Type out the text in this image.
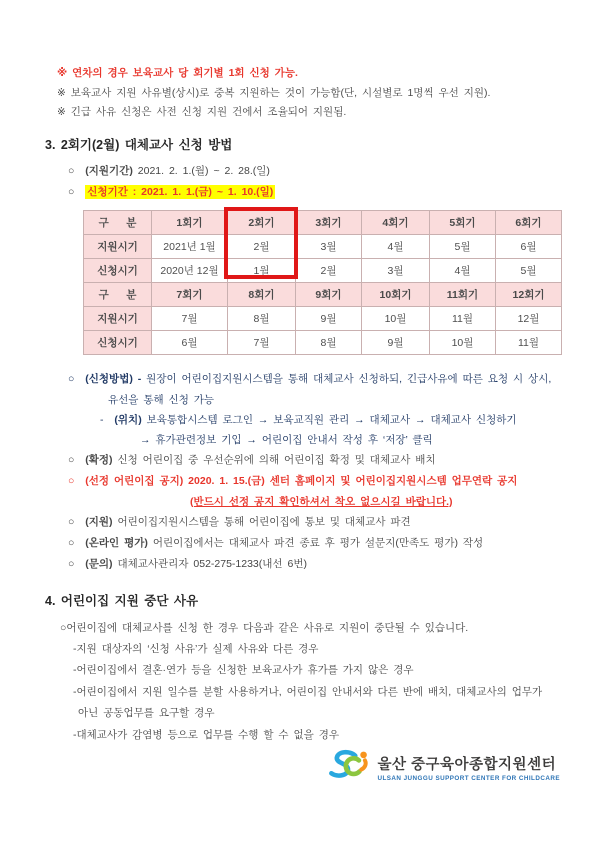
※ 연차의 경우 보육교사 당 회기별 1회 신청 가능.
※ 보육교사 지원 사유별(상시)로 중복 지원하는 것이 가능함(단, 시설별로 1명씩 우선 지원).
※ 긴급 사유 신청은 사전 신청 지원 건에서 조율되어 지원됨.
3. 2회기(2월) 대체교사 신청 방법
○ (지원기간) 2021. 2. 1.(월) ~ 2. 28.(일)
○ 신청기간 : 2021. 1. 1.(금) ~ 1. 10.(일)
구      분	1회기	2회기	3회기	4회기	5회기	6회기
지원시기	2021년 1월	2월	3월	4월	5월	6월
신청시기	2020년 12월	1월	2월	3월	4월	5월
구      분	7회기	8회기	9회기	10회기	11회기	12회기
지원시기	7월	8월	9월	10월	11월	12월
신청시기	6월	7월	8월	9월	10월	11월
○ (신청방법) - 원장이 어린이집지원시스템을 통해 대체교사 신청하되, 긴급사유에 따른 요청 시 상시,
유선을 통해 신청 가능
- (위치) 보육통합시스템 로그인 → 보육교직원 관리 → 대체교사 → 대체교사 신청하기
→ 휴가관련정보 기입 → 어린이집 안내서 작성 후 ‘저장’ 클릭
○ (확정) 신청 어린이집 중 우선순위에 의해 어린이집 확정 및 대체교사 배치
○ (선정 어린이집 공지) 2020. 1. 15.(금) 센터 홈페이지 및 어린이집지원시스템 업무연락 공지
(반드시 선정 공지 확인하셔서 착오 없으시길 바랍니다.)
○ (지원) 어린이집지원시스템을 통해 어린이집에 통보 및 대체교사 파견
○ (온라인 평가) 어린이집에서는 대체교사 파견 종료 후 평가 설문지(만족도 평가) 작성
○ (문의) 대체교사관리자 052-275-1233(내선 6번)
4. 어린이집 지원 중단 사유
○어린이집에 대체교사를 신청 한 경우 다음과 같은 사유로 지원이 중단될 수 있습니다.
-지원 대상자의 ‘신청 사유’가 실제 사유와 다른 경우
-어린이집에서 결혼·연가 등을 신청한 보육교사가 휴가를 가지 않은 경우
-어린이집에서 지원 일수를 분할 사용하거나, 어린이집 안내서와 다른 반에 배치, 대체교사의 업무가
아닌 공동업무를 요구할 경우
-대체교사가 감염병 등으로 업무를 수행 할 수 없을 경우
울산 중구육아종합지원센터
ULSAN JUNGGU SUPPORT CENTER FOR CHILDCARE
